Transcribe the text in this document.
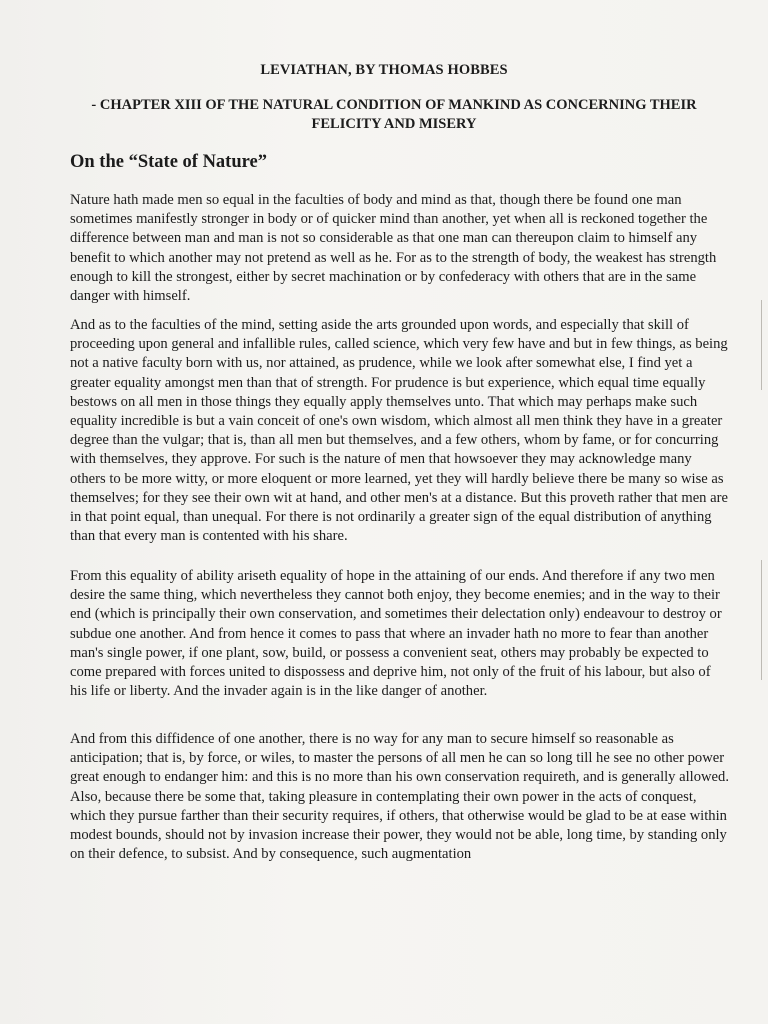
LEVIATHAN, BY THOMAS HOBBES
- CHAPTER XIII OF THE NATURAL CONDITION OF MANKIND AS CONCERNING THEIR FELICITY AND MISERY
On the “State of Nature”

Nature hath made men so equal in the faculties of body and mind as that, though there be found one man sometimes manifestly stronger in body or of quicker mind than another, yet when all is reckoned together the difference between man and man is not so considerable as that one man can thereupon claim to himself any benefit to which another may not pretend as well as he. For as to the strength of body, the weakest has strength enough to kill the strongest, either by secret machination or by confederacy with others that are in the same danger with himself.

And as to the faculties of the mind, setting aside the arts grounded upon words, and especially that skill of proceeding upon general and infallible rules, called science, which very few have and but in few things, as being not a native faculty born with us, nor attained, as prudence, while we look after somewhat else, I find yet a greater equality amongst men than that of strength. For prudence is but experience, which equal time equally bestows on all men in those things they equally apply themselves unto. That which may perhaps make such equality incredible is but a vain conceit of one's own wisdom, which almost all men think they have in a greater degree than the vulgar; that is, than all men but themselves, and a few others, whom by fame, or for concurring with themselves, they approve. For such is the nature of men that howsoever they may acknowledge many others to be more witty, or more eloquent or more learned, yet they will hardly believe there be many so wise as themselves; for they see their own wit at hand, and other men's at a distance. But this proveth rather that men are in that point equal, than unequal. For there is not ordinarily a greater sign of the equal distribution of anything than that every man is contented with his share.

From this equality of ability ariseth equality of hope in the attaining of our ends. And therefore if any two men desire the same thing, which nevertheless they cannot both enjoy, they become enemies; and in the way to their end (which is principally their own conservation, and sometimes their delectation only) endeavour to destroy or subdue one another. And from hence it comes to pass that where an invader hath no more to fear than another man's single power, if one plant, sow, build, or possess a convenient seat, others may probably be expected to come prepared with forces united to dispossess and deprive him, not only of the fruit of his labour, but also of his life or liberty. And the invader again is in the like danger of another.

And from this diffidence of one another, there is no way for any man to secure himself so reasonable as anticipation; that is, by force, or wiles, to master the persons of all men he can so long till he see no other power great enough to endanger him: and this is no more than his own conservation requireth, and is generally allowed. Also, because there be some that, taking pleasure in contemplating their own power in the acts of conquest, which they pursue farther than their security requires, if others, that otherwise would be glad to be at ease within modest bounds, should not by invasion increase their power, they would not be able, long time, by standing only on their defence, to subsist. And by consequence, such augmentation
